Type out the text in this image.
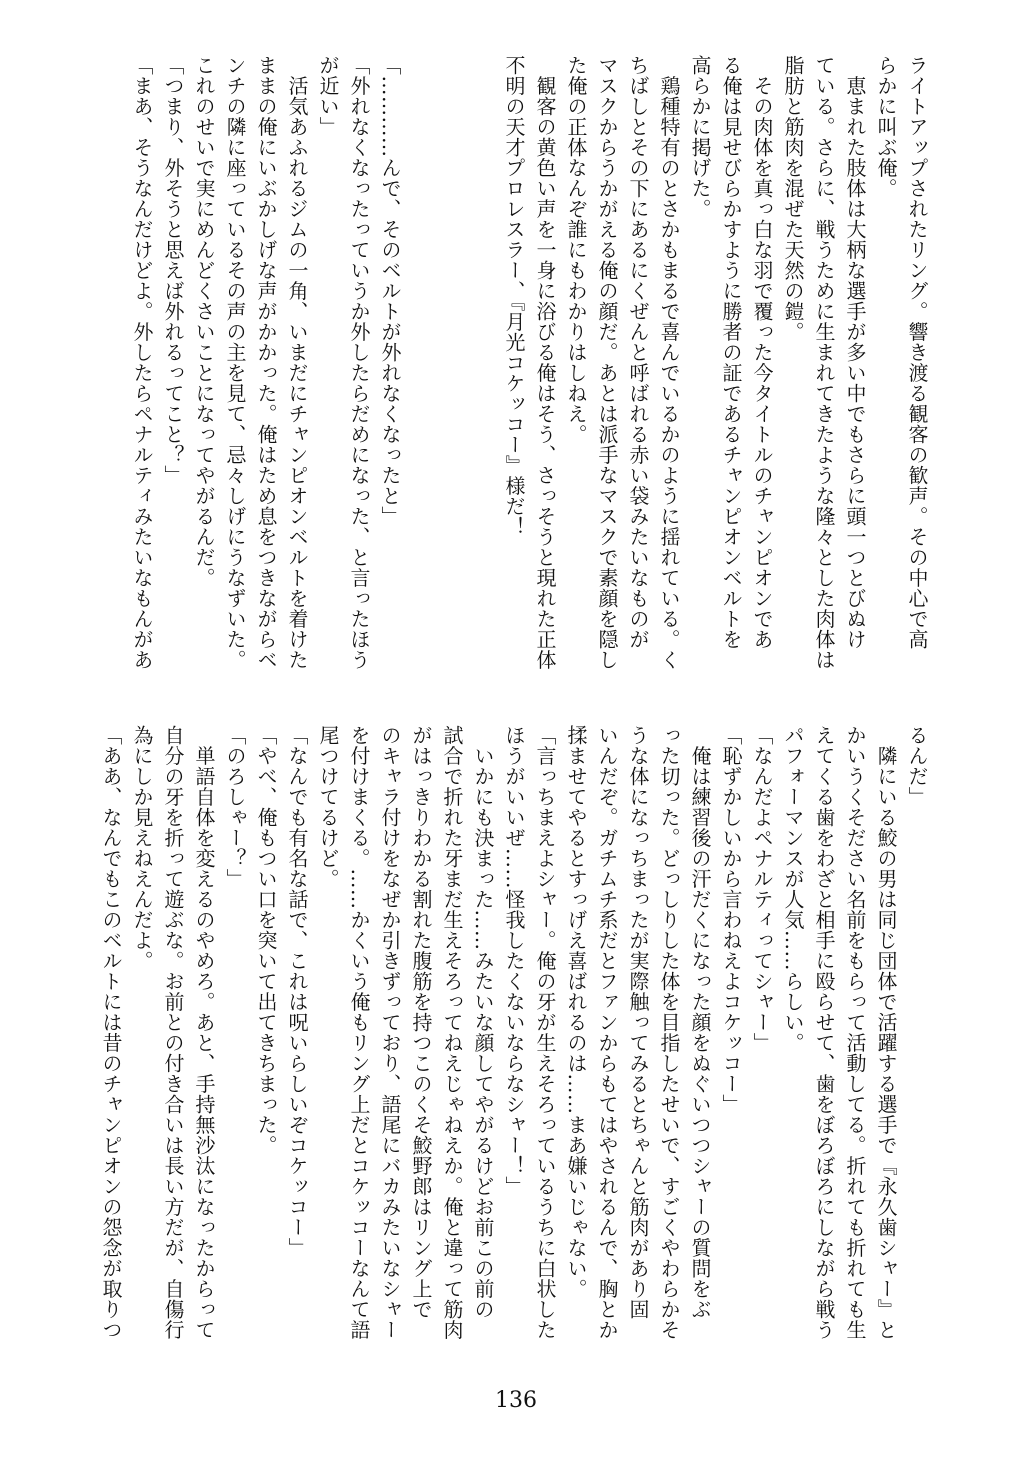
ライトアップされたリング。響き渡る観客の歓声。その中心で高
らかに叫ぶ俺。
　恵まれた肢体は大柄な選手が多い中でもさらに頭一つとびぬけ
ている。さらに、戦うために生まれてきたような隆々とした肉体は
脂肪と筋肉を混ぜた天然の鎧。
　その肉体を真っ白な羽で覆った今タイトルのチャンピオンであ
る俺は見せびらかすように勝者の証であるチャンピオンベルトを
高らかに掲げた。
　鶏種特有のとさかもまるで喜んでいるかのように揺れている。く
ちばしとその下にあるにくぜんと呼ばれる赤い袋みたいなものが
マスクからうかがえる俺の顔だ。あとは派手なマスクで素顔を隠し
た俺の正体なんぞ誰にもわかりはしねえ。
　観客の黄色い声を一身に浴びる俺はそう、さっそうと現れた正体
不明の天才プロレスラー、『月光コケッコー』様だ！

「…………んで、そのベルトが外れなくなったと」
「外れなくなったっていうか外したらだめになった、と言ったほう
が近い」
　活気あふれるジムの一角、いまだにチャンピオンベルトを着けた
ままの俺にいぶかしげな声がかかった。俺はため息をつきながらベ
ンチの隣に座っているその声の主を見て、忌々しげにうなずいた。
これのせいで実にめんどくさいことになってやがるんだ。
「つまり、外そうと思えば外れるってこと？」
「まあ、そうなんだけどよ。外したらペナルティみたいなもんがあ
るんだ」
　隣にいる鮫の男は同じ団体で活躍する選手で『永久歯シャー』と
かいうくそださい名前をもらって活動してる。折れても折れても生
えてくる歯をわざと相手に殴らせて、歯をぼろぼろにしながら戦う
パフォーマンスが人気……らしい。
「なんだよペナルティってシャー」
「恥ずかしいから言わねえよコケッコー」
　俺は練習後の汗だくになった顔をぬぐいつつシャーの質問をぶ
った切った。どっしりした体を目指したせいで、すごくやわらかそ
うな体になっちまったが実際触ってみるとちゃんと筋肉があり固
いんだぞ。ガチムチ系だとファンからもてはやされるんで、胸とか
揉ませてやるとすっげえ喜ばれるのは……まあ嫌いじゃない。
「言っちまえよシャー。俺の牙が生えそろっているうちに白状した
ほうがいいぜ……怪我したくないならなシャー！」
　いかにも決まった……みたいな顔してやがるけどお前この前の
試合で折れた牙まだ生えそろってねえじゃねえか。俺と違って筋肉
がはっきりわかる割れた腹筋を持つこのくそ鮫野郎はリング上で
のキャラ付けをなぜか引きずっており、語尾にバカみたいなシャー
を付けまくる。……かくいう俺もリング上だとコケッコーなんて語
尾つけてるけど。
「なんでも有名な話で、これは呪いらしいぞコケッコー」
「やべ、俺もつい口を突いて出てきちまった。
「のろしゃー？」
　単語自体を変えるのやめろ。あと、手持無沙汰になったからって
自分の牙を折って遊ぶな。お前との付き合いは長い方だが、自傷行
為にしか見えねえんだよ。
「ああ、なんでもこのベルトには昔のチャンピオンの怨念が取りつ
136
